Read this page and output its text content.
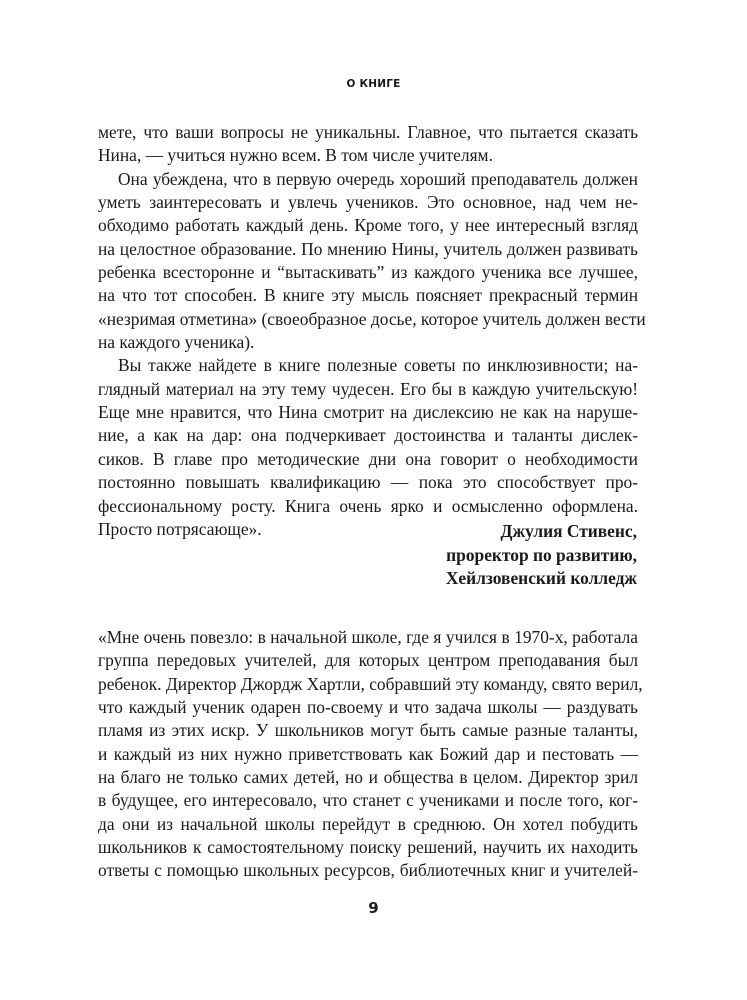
О КНИГЕ
мете, что ваши вопросы не уникальны. Главное, что пытается сказать
Нина, — учиться нужно всем. В том числе учителям.
Она убеждена, что в первую очередь хороший преподаватель должен
уметь заинтересовать и увлечь учеников. Это основное, над чем не-
обходимо работать каждый день. Кроме того, у нее интересный взгляд
на целостное образование. По мнению Нины, учитель должен развивать
ребенка всесторонне и “вытаскивать” из каждого ученика все лучшее,
на что тот способен. В книге эту мысль поясняет прекрасный термин
«незримая отметина» (своеобразное досье, которое учитель должен вести
на каждого ученика).
Вы также найдете в книге полезные советы по инклюзивности; на-
глядный материал на эту тему чудесен. Его бы в каждую учительскую!
Еще мне нравится, что Нина смотрит на дислексию не как на наруше-
ние, а как на дар: она подчеркивает достоинства и таланты дислек-
сиков. В главе про методические дни она говорит о необходимости
постоянно повышать квалификацию — пока это способствует про-
фессиональному росту. Книга очень ярко и осмысленно оформлена.
Просто потрясающе».	Джулия Стивенс,
проректор по развитию,
Хейлзовенский колледж
«Мне очень повезло: в начальной школе, где я учился в 1970-х, работала
группа передовых учителей, для которых центром преподавания был
ребенок. Директор Джордж Хартли, собравший эту команду, свято верил,
что каждый ученик одарен по-своему и что задача школы — раздувать
пламя из этих искр. У школьников могут быть самые разные таланты,
и каждый из них нужно приветствовать как Божий дар и пестовать —
на благо не только самих детей, но и общества в целом. Директор зрил
в будущее, его интересовало, что станет с учениками и после того, ког-
да они из начальной школы перейдут в среднюю. Он хотел побудить
школьников к самостоятельному поиску решений, научить их находить
ответы с помощью школьных ресурсов, библиотечных книг и учителей-
9
